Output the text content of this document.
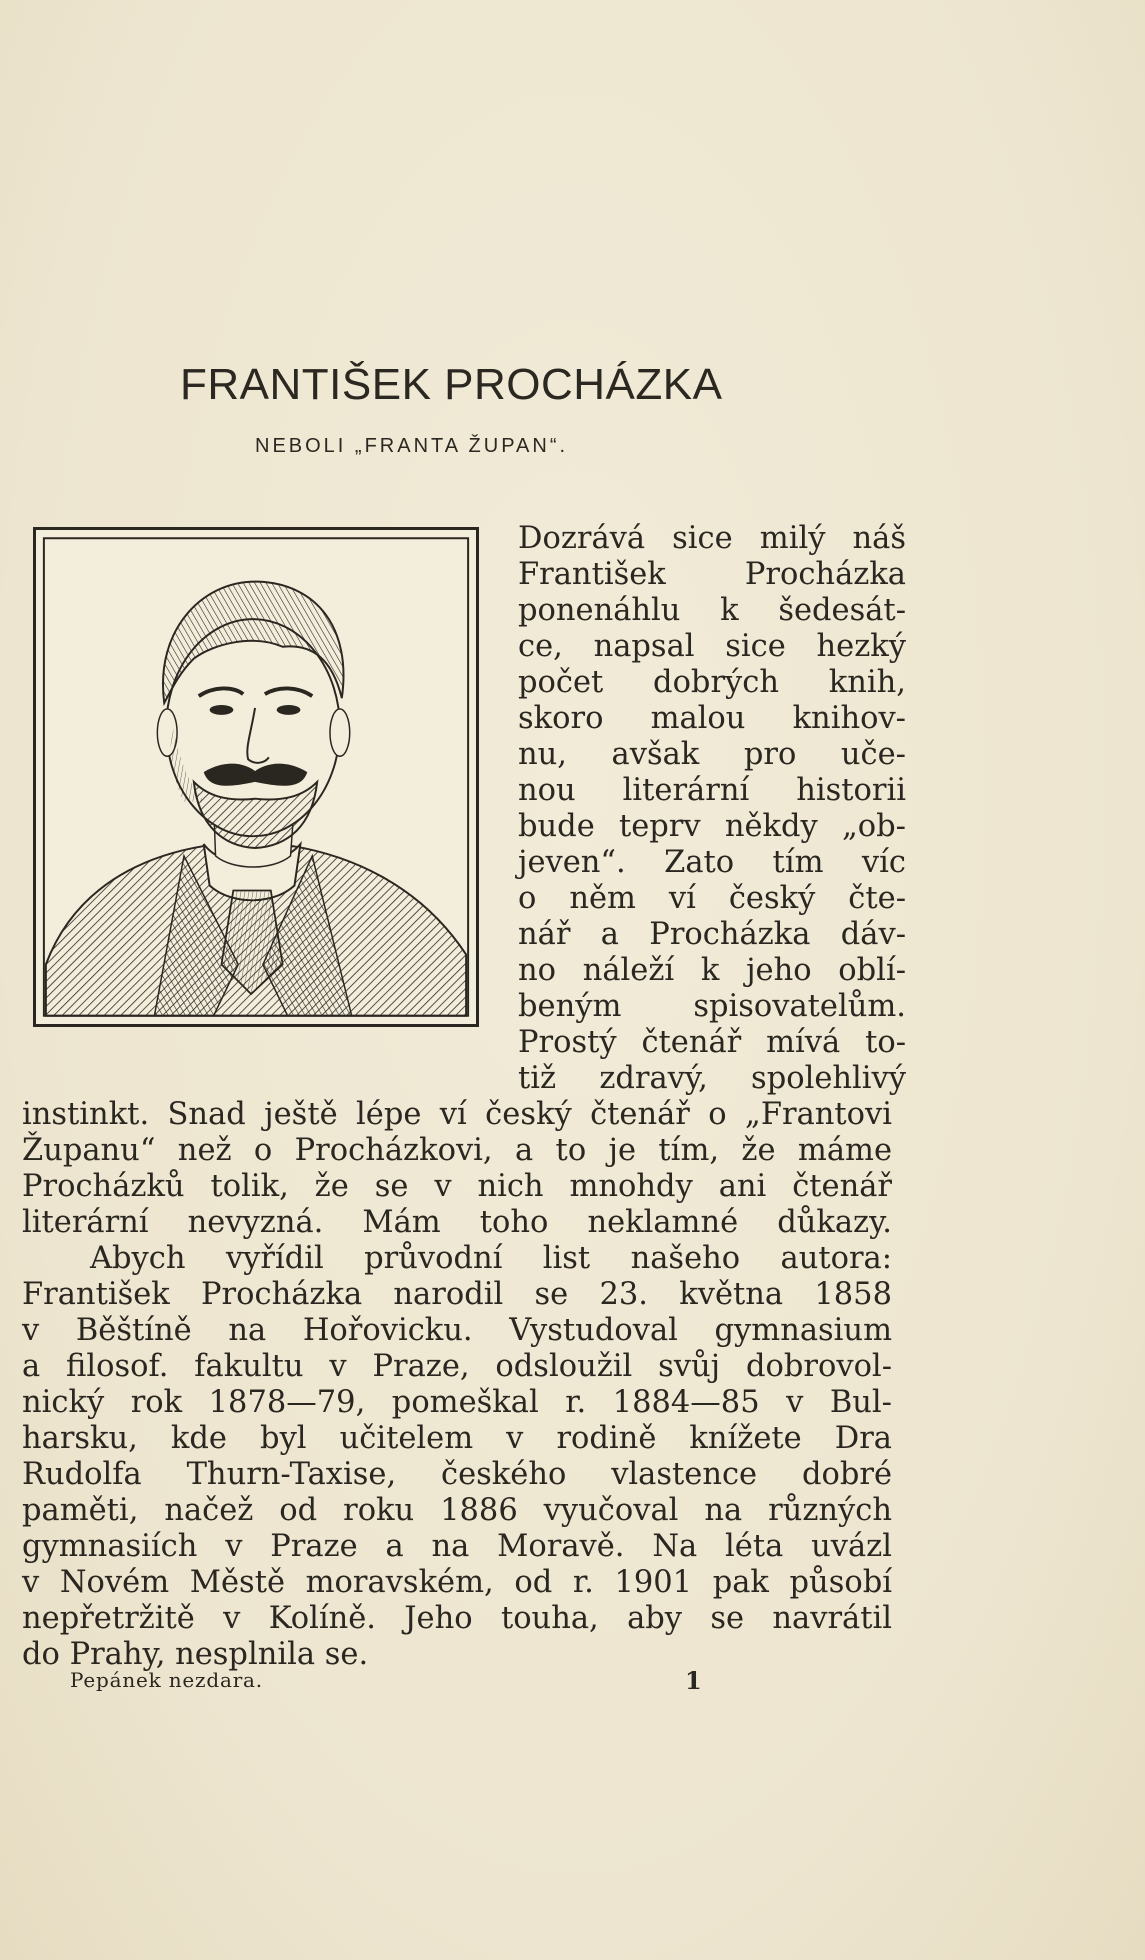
FRANTIŠEK PROCHÁZKA
NEBOLI „FRANTA ŽUPAN“.
Dozrává sice milý náš
František Procházka
ponenáhlu k šedesát-
ce, napsal sice hezký
počet dobrých knih,
skoro malou knihov-
nu, avšak pro uče-
nou literární historii
bude teprv někdy „ob-
jeven“. Zato tím víc
o něm ví český čte-
nář a Procházka dáv-
no náleží k jeho oblí-
beným spisovatelům.
Prostý čtenář mívá to-
tiž zdravý, spolehlivý
instinkt. Snad ještě lépe ví český čtenář o „Frantovi
Županu“ než o Procházkovi, a to je tím, že máme
Procházků tolik, že se v nich mnohdy ani čtenář
literární nevyzná. Mám toho neklamné důkazy.
Abych vyřídil průvodní list našeho autora:
František Procházka narodil se 23. května 1858
v Běštíně na Hořovicku. Vystudoval gymnasium
a filosof. fakultu v Praze, odsloužil svůj dobrovol-
nický rok 1878—79, pomeškal r. 1884—85 v Bul-
harsku, kde byl učitelem v rodině knížete Dra
Rudolfa Thurn-Taxise, českého vlastence dobré
paměti, načež od roku 1886 vyučoval na různých
gymnasiích v Praze a na Moravě. Na léta uvázl
v Novém Městě moravském, od r. 1901 pak působí
nepřetržitě v Kolíně. Jeho touha, aby se navrátil
do Prahy, nesplnila se.
Pepánek nezdara.	1
